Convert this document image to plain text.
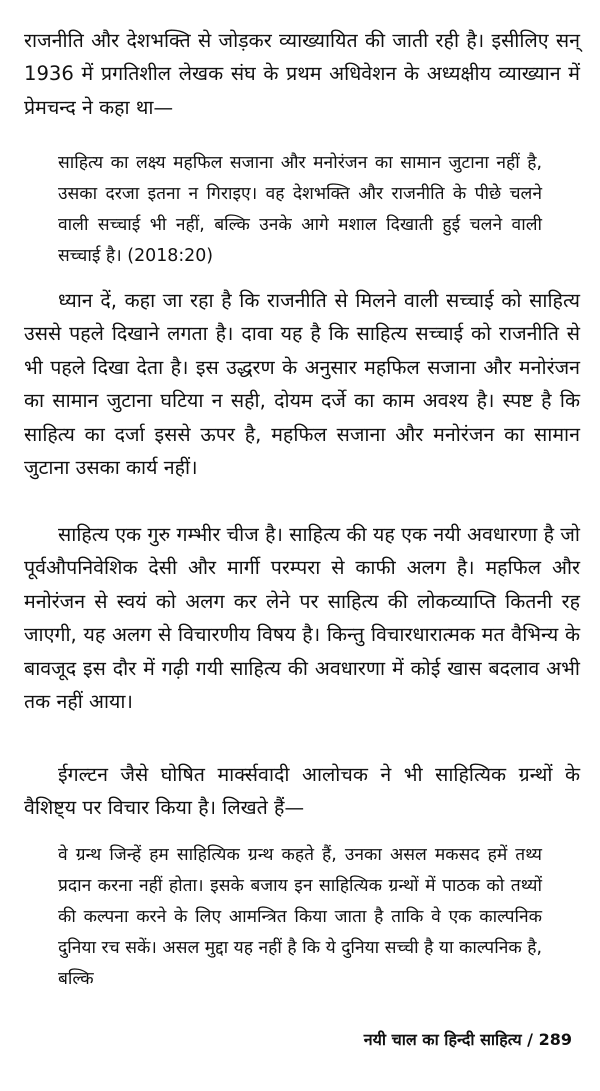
राजनीति और देशभक्ति से जोड़कर व्याख्यायित की जाती रही है। इसीलिए सन् 1936 में प्रगतिशील लेखक संघ के प्रथम अधिवेशन के अध्यक्षीय व्याख्यान में प्रेमचन्द ने कहा था—

साहित्य का लक्ष्य महफिल सजाना और मनोरंजन का सामान जुटाना नहीं है, उसका दरजा इतना न गिराइए। वह देशभक्ति और राजनीति के पीछे चलने वाली सच्चाई भी नहीं, बल्कि उनके आगे मशाल दिखाती हुई चलने वाली सच्चाई है। (2018:20)

ध्यान दें, कहा जा रहा है कि राजनीति से मिलने वाली सच्चाई को साहित्य उससे पहले दिखाने लगता है। दावा यह है कि साहित्य सच्चाई को राजनीति से भी पहले दिखा देता है। इस उद्धरण के अनुसार महफिल सजाना और मनोरंजन का सामान जुटाना घटिया न सही, दोयम दर्जे का काम अवश्य है। स्पष्ट है कि साहित्य का दर्जा इससे ऊपर है, महफिल सजाना और मनोरंजन का सामान जुटाना उसका कार्य नहीं।

साहित्य एक गुरु गम्भीर चीज है। साहित्य की यह एक नयी अवधारणा है जो पूर्वऔपनिवेशिक देसी और मार्गी परम्परा से काफी अलग है। महफिल और मनोरंजन से स्वयं को अलग कर लेने पर साहित्य की लोकव्याप्ति कितनी रह जाएगी, यह अलग से विचारणीय विषय है। किन्तु विचारधारात्मक मत वैभिन्य के बावजूद इस दौर में गढ़ी गयी साहित्य की अवधारणा में कोई खास बदलाव अभी तक नहीं आया।

ईगल्टन जैसे घोषित मार्क्सवादी आलोचक ने भी साहित्यिक ग्रन्थों के वैशिष्ट्य पर विचार किया है। लिखते हैं—

वे ग्रन्थ जिन्हें हम साहित्यिक ग्रन्थ कहते हैं, उनका असल मकसद हमें तथ्य प्रदान करना नहीं होता। इसके बजाय इन साहित्यिक ग्रन्थों में पाठक को तथ्यों की कल्पना करने के लिए आमन्त्रित किया जाता है ताकि वे एक काल्पनिक दुनिया रच सकें। असल मुद्दा यह नहीं है कि ये दुनिया सच्ची है या काल्पनिक है, बल्कि

नयी चाल का हिन्दी साहित्य / 289
